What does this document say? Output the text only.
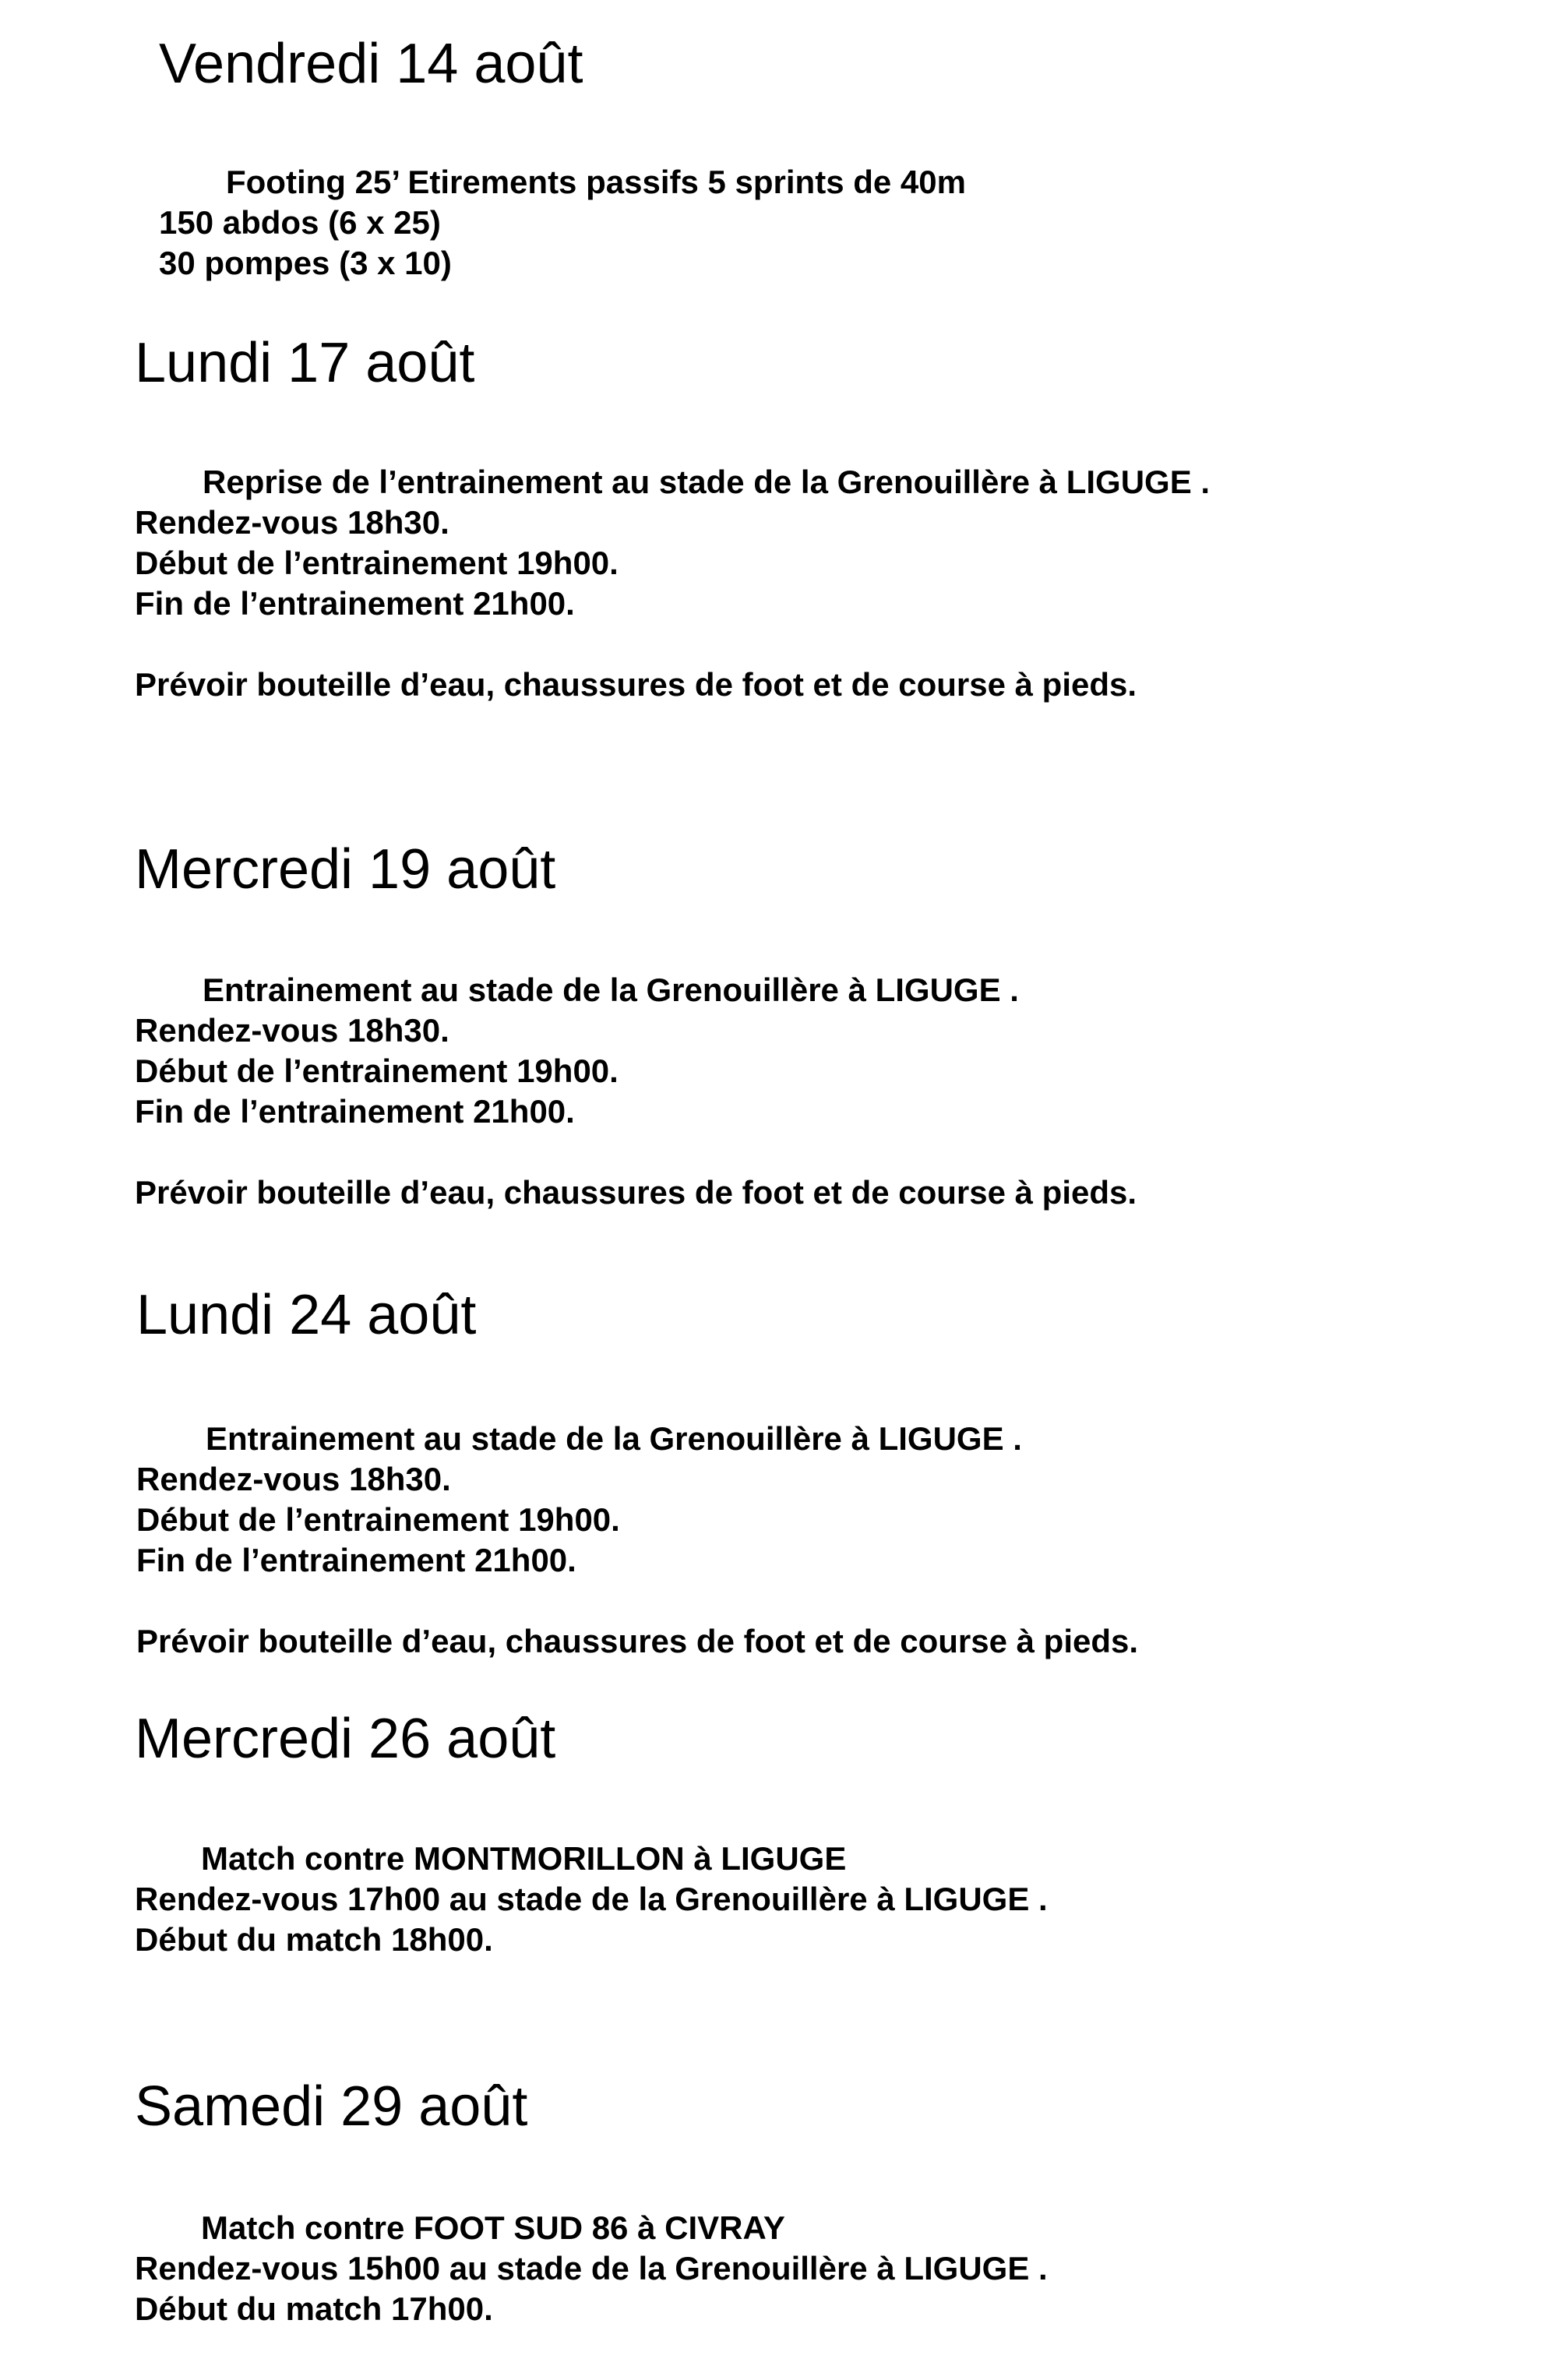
Vendredi 14 août

Footing 25’ Etirements passifs 5 sprints de 40m

150 abdos (6 x 25)

30 pompes (3 x 10)

Lundi 17 août

Reprise de l’entrainement au stade de la Grenouillère à LIGUGE .

Rendez-vous 18h30.

Début de l’entrainement 19h00.

Fin de l’entrainement 21h00.

Prévoir bouteille d’eau, chaussures de foot et de course à pieds.

Mercredi 19 août

Entrainement au stade de la Grenouillère à LIGUGE .

Rendez-vous 18h30.

Début de l’entrainement 19h00.

Fin de l’entrainement 21h00.

Prévoir bouteille d’eau, chaussures de foot et de course à pieds.

Lundi 24 août

Entrainement au stade de la Grenouillère à LIGUGE .

Rendez-vous 18h30.

Début de l’entrainement 19h00.

Fin de l’entrainement 21h00.

Prévoir bouteille d’eau, chaussures de foot et de course à pieds.

Mercredi 26 août

Match contre MONTMORILLON à LIGUGE

Rendez-vous 17h00 au stade de la Grenouillère à LIGUGE .

Début du match 18h00.

Samedi 29 août

Match contre FOOT SUD 86 à CIVRAY

Rendez-vous 15h00 au stade de la Grenouillère à LIGUGE .

Début du match 17h00.
